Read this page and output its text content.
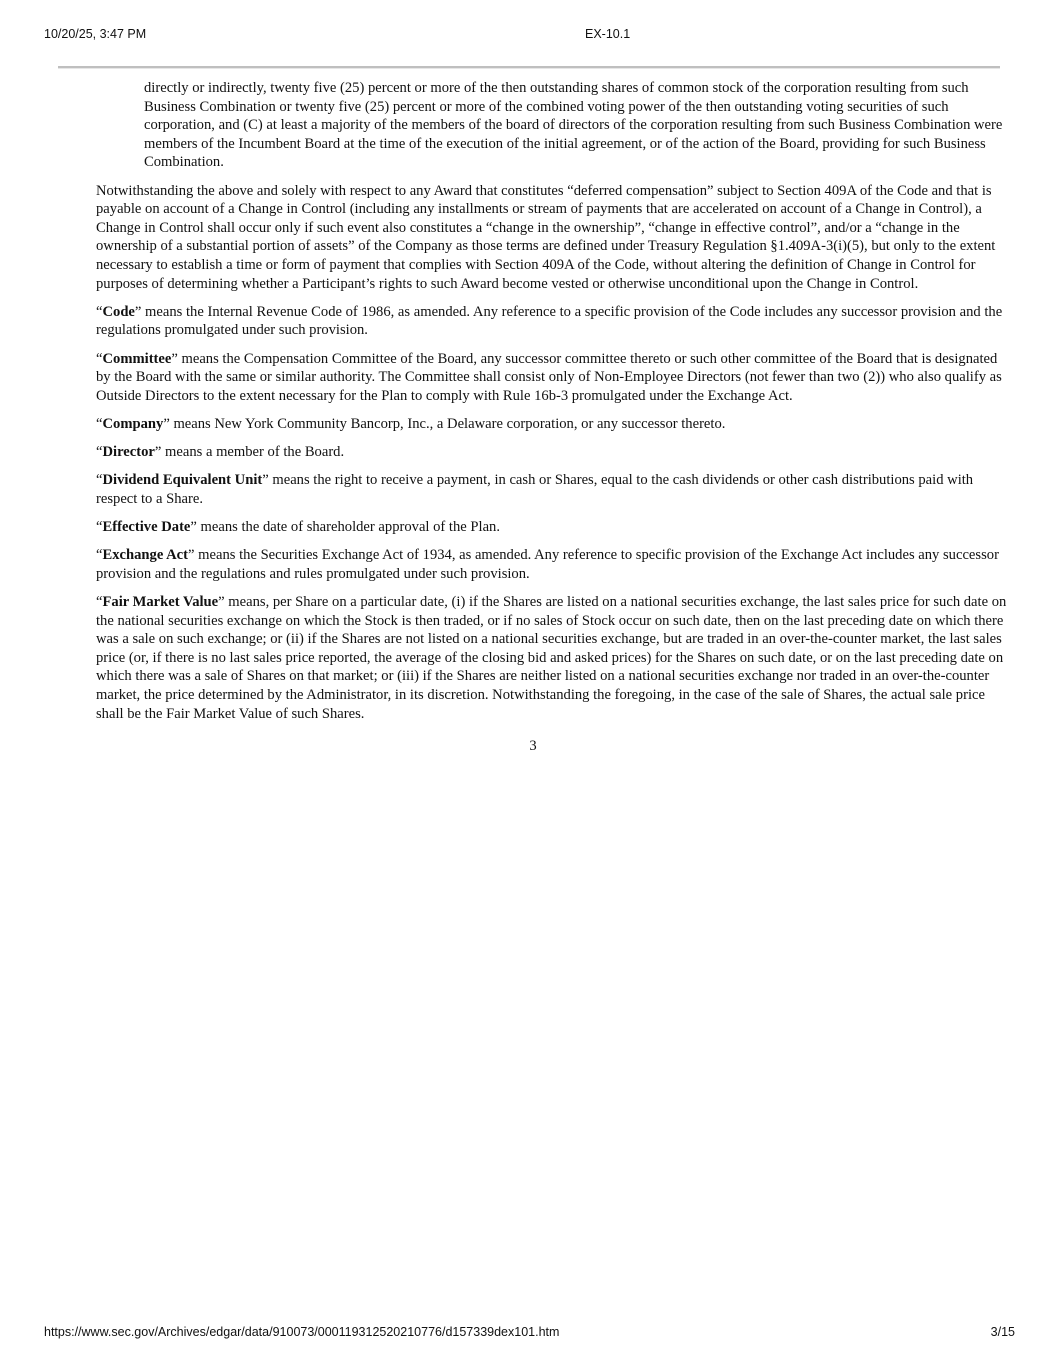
10/20/25, 3:47 PM	EX-10.1

directly or indirectly, twenty five (25) percent or more of the then outstanding shares of common stock of the corporation resulting from such Business Combination or twenty five (25) percent or more of the combined voting power of the then outstanding voting securities of such corporation, and (C) at least a majority of the members of the board of directors of the corporation resulting from such Business Combination were members of the Incumbent Board at the time of the execution of the initial agreement, or of the action of the Board, providing for such Business Combination.

Notwithstanding the above and solely with respect to any Award that constitutes “deferred compensation” subject to Section 409A of the Code and that is payable on account of a Change in Control (including any installments or stream of payments that are accelerated on account of a Change in Control), a Change in Control shall occur only if such event also constitutes a “change in the ownership”, “change in effective control”, and/or a “change in the ownership of a substantial portion of assets” of the Company as those terms are defined under Treasury Regulation §1.409A-3(i)(5), but only to the extent necessary to establish a time or form of payment that complies with Section 409A of the Code, without altering the definition of Change in Control for purposes of determining whether a Participant’s rights to such Award become vested or otherwise unconditional upon the Change in Control.

“Code” means the Internal Revenue Code of 1986, as amended. Any reference to a specific provision of the Code includes any successor provision and the regulations promulgated under such provision.

“Committee” means the Compensation Committee of the Board, any successor committee thereto or such other committee of the Board that is designated by the Board with the same or similar authority. The Committee shall consist only of Non-Employee Directors (not fewer than two (2)) who also qualify as Outside Directors to the extent necessary for the Plan to comply with Rule 16b-3 promulgated under the Exchange Act.

“Company” means New York Community Bancorp, Inc., a Delaware corporation, or any successor thereto.

“Director” means a member of the Board.

“Dividend Equivalent Unit” means the right to receive a payment, in cash or Shares, equal to the cash dividends or other cash distributions paid with respect to a Share.

“Effective Date” means the date of shareholder approval of the Plan.

“Exchange Act” means the Securities Exchange Act of 1934, as amended. Any reference to specific provision of the Exchange Act includes any successor provision and the regulations and rules promulgated under such provision.

“Fair Market Value” means, per Share on a particular date, (i) if the Shares are listed on a national securities exchange, the last sales price for such date on the national securities exchange on which the Stock is then traded, or if no sales of Stock occur on such date, then on the last preceding date on which there was a sale on such exchange; or (ii) if the Shares are not listed on a national securities exchange, but are traded in an over-the-counter market, the last sales price (or, if there is no last sales price reported, the average of the closing bid and asked prices) for the Shares on such date, or on the last preceding date on which there was a sale of Shares on that market; or (iii) if the Shares are neither listed on a national securities exchange nor traded in an over-the-counter market, the price determined by the Administrator, in its discretion. Notwithstanding the foregoing, in the case of the sale of Shares, the actual sale price shall be the Fair Market Value of such Shares.

3

https://www.sec.gov/Archives/edgar/data/910073/000119312520210776/d157339dex101.htm	3/15
